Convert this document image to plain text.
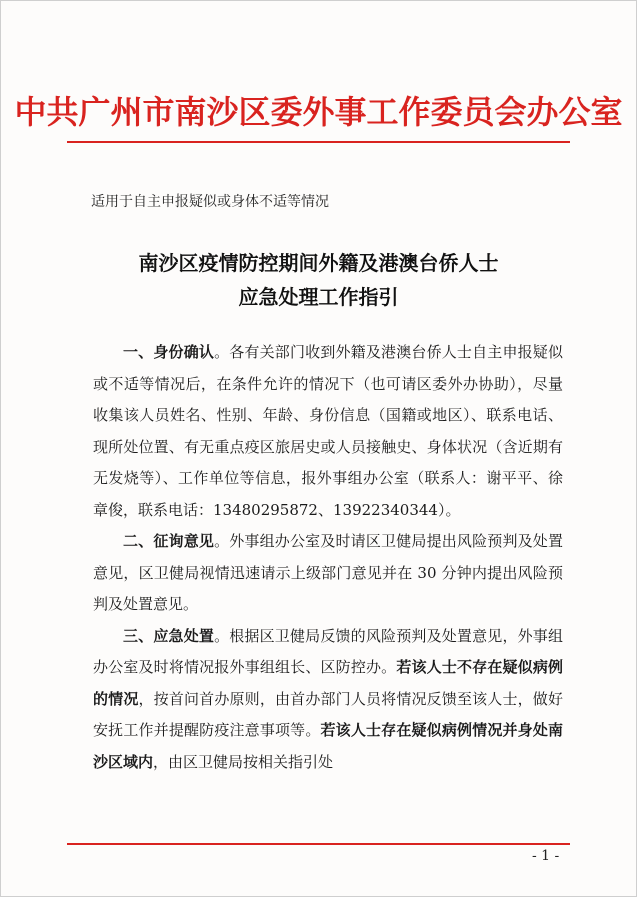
中共广州市南沙区委外事工作委员会办公室
适用于自主申报疑似或身体不适等情况
南沙区疫情防控期间外籍及港澳台侨人士
应急处理工作指引

一、身份确认。各有关部门收到外籍及港澳台侨人士自主申报疑似或不适等情况后，在条件允许的情况下（也可请区委外办协助），尽量收集该人员姓名、性别、年龄、身份信息（国籍或地区）、联系电话、现所处位置、有无重点疫区旅居史或人员接触史、身体状况（含近期有无发烧等）、工作单位等信息，报外事组办公室（联系人：谢平平、徐章俊，联系电话：13480295872、13922340344）。

二、征询意见。外事组办公室及时请区卫健局提出风险预判及处置意见，区卫健局视情迅速请示上级部门意见并在 30 分钟内提出风险预判及处置意见。

三、应急处置。根据区卫健局反馈的风险预判及处置意见，外事组办公室及时将情况报外事组组长、区防控办。若该人士不存在疑似病例的情况，按首问首办原则，由首办部门人员将情况反馈至该人士，做好安抚工作并提醒防疫注意事项等。若该人士存在疑似病例情况并身处南沙区域内，由区卫健局按相关指引处

- 1 -
